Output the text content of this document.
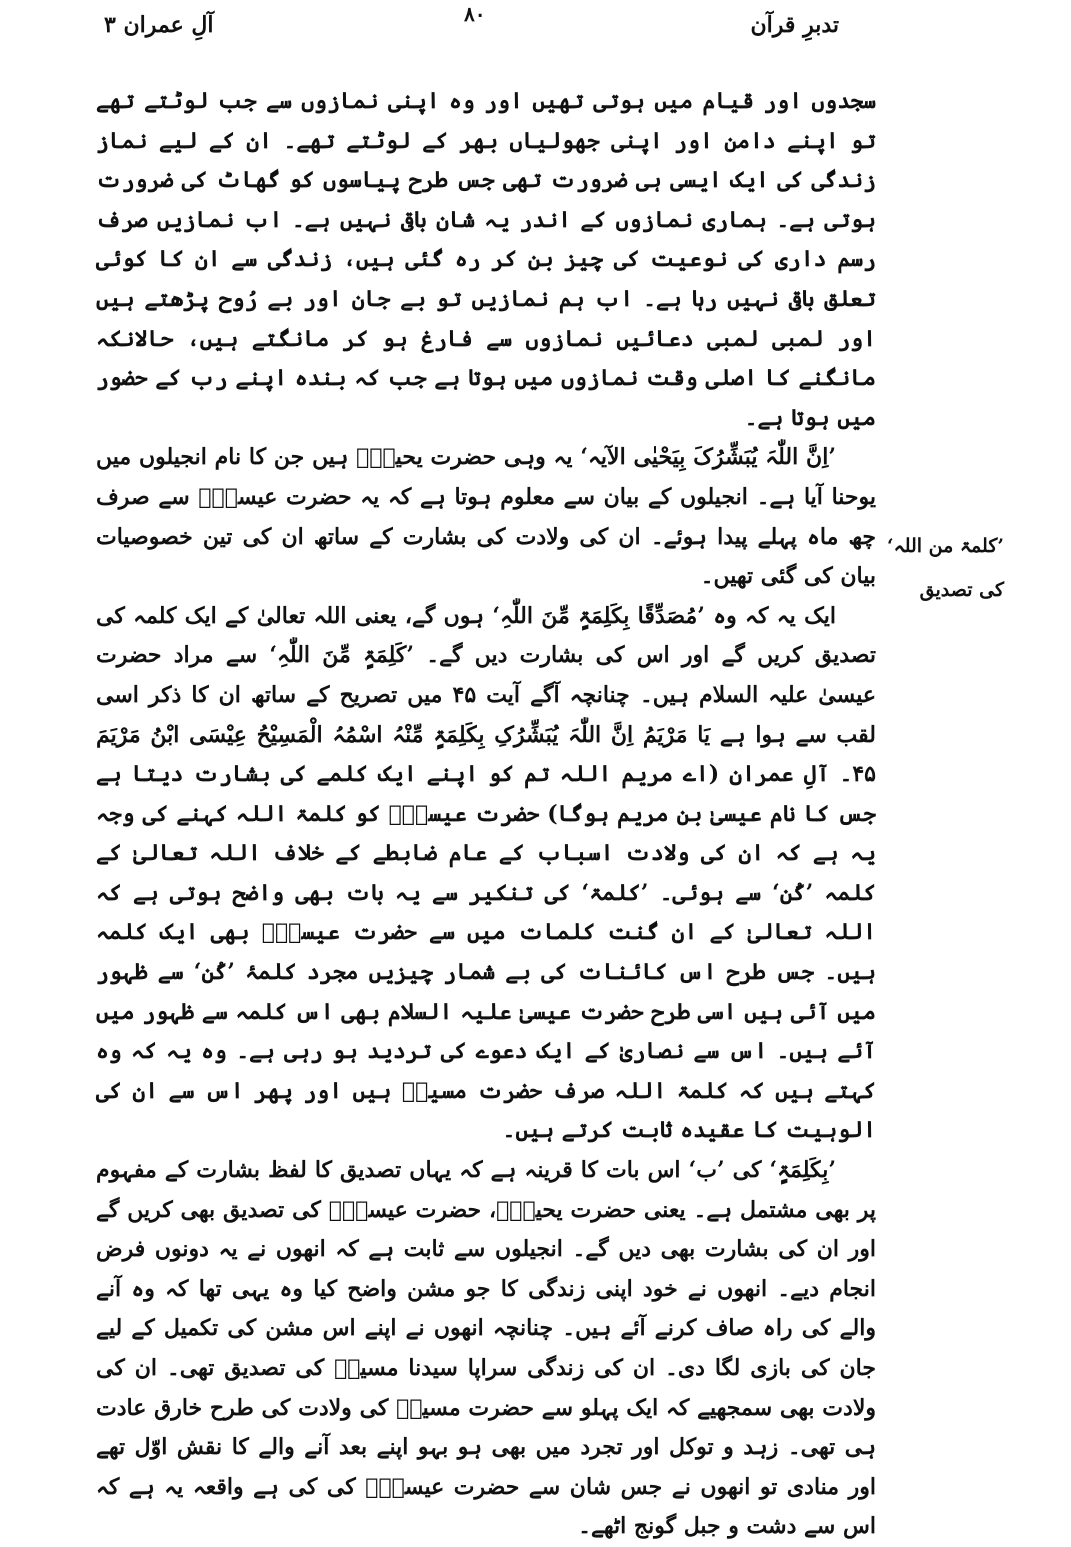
تدبرِ قرآن
۸۰
آلِ عمران ۳

سجدوں اور قیام میں ہوتی تھیں اور وہ اپنی نمازوں سے جب لوٹتے تھے تو اپنے دامن اور اپنی جھولیاں بھر کے لوٹتے تھے۔ ان کے لیے نماز زندگی کی ایک ایسی ہی ضرورت تھی جس طرح پیاسوں کو گھاٹ کی ضرورت ہوتی ہے۔ ہماری نمازوں کے اندر یہ شان باقی نہیں ہے۔ اب نمازیں صرف رسم داری کی نوعیت کی چیز بن کر رہ گئی ہیں، زندگی سے ان کا کوئی تعلق باقی نہیں رہا ہے۔ اب ہم نمازیں تو بے جان اور بے رُوح پڑھتے ہیں اور لمبی لمبی دعائیں نمازوں سے فارغ ہو کر مانگتے ہیں، حالانکہ مانگنے کا اصلی وقت نمازوں میں ہوتا ہے جب کہ بندہ اپنے رب کے حضور میں ہوتا ہے۔

’اِنَّ اللّٰہَ یُبَشِّرُکَ بِیَحْیٰی الآیہ‘ یہ وہی حضرت یحییٰؑ ہیں جن کا نام انجیلوں میں یوحنا آیا ہے۔ انجیلوں کے بیان سے معلوم ہوتا ہے کہ یہ حضرت عیسیٰؑ سے صرف چھ ماہ پہلے پیدا ہوئے۔ ان کی ولادت کی بشارت کے ساتھ ان کی تین خصوصیات بیان کی گئی تھیں۔

ایک یہ کہ وہ ’مُصَدِّقًا بِکَلِمَۃٍ مِّنَ اللّٰہِ‘ ہوں گے، یعنی اللہ تعالیٰ کے ایک کلمہ کی تصدیق کریں گے اور اس کی بشارت دیں گے۔ ’کَلِمَۃٍ مِّنَ اللّٰہِ‘ سے مراد حضرت عیسیٰ علیہ السلام ہیں۔ چنانچہ آگے آیت ۴۵ میں تصریح کے ساتھ ان کا ذکر اسی لقب سے ہوا ہے یَا مَرْیَمُ اِنَّ اللّٰہَ یُبَشِّرُکِ بِکَلِمَۃٍ مِّنْہُ اسْمُہُ الْمَسِیْحُ عِیْسَی ابْنُ مَرْیَمَ ۴۵۔ آلِ عمران (اے مریم اللہ تم کو اپنے ایک کلمے کی بشارت دیتا ہے جس کا نام عیسیٰ بن مریم ہوگا) حضرت عیسیٰؑ کو کلمۃ اللہ کہنے کی وجہ یہ ہے کہ ان کی ولادت اسباب کے عام ضابطے کے خلاف اللہ تعالیٰ کے کلمہ ’کُن‘ سے ہوئی۔ ’کلمۃ‘ کی تنکیر سے یہ بات بھی واضح ہوتی ہے کہ اللہ تعالیٰ کے ان گنت کلمات میں سے حضرت عیسیٰؑ بھی ایک کلمہ ہیں۔ جس طرح اس کائنات کی بے شمار چیزیں مجرد کلمۂ ’کُن‘ سے ظہور میں آئی ہیں اسی طرح حضرت عیسیٰ علیہ السلام بھی اس کلمہ سے ظہور میں آئے ہیں۔ اس سے نصاریٰ کے ایک دعوے کی تردید ہو رہی ہے۔ وہ یہ کہ وہ کہتے ہیں کہ کلمۃ اللہ صرف حضرت مسیحؑ ہیں اور پھر اس سے ان کی الوہیت کا عقیدہ ثابت کرتے ہیں۔

’بِکَلِمَۃٍ‘ کی ’ب‘ اس بات کا قرینہ ہے کہ یہاں تصدیق کا لفظ بشارت کے مفہوم پر بھی مشتمل ہے۔ یعنی حضرت یحییٰؑ، حضرت عیسیٰؑ کی تصدیق بھی کریں گے اور ان کی بشارت بھی دیں گے۔ انجیلوں سے ثابت ہے کہ انھوں نے یہ دونوں فرض انجام دیے۔ انھوں نے خود اپنی زندگی کا جو مشن واضح کیا وہ یہی تھا کہ وہ آنے والے کی راہ صاف کرنے آئے ہیں۔ چنانچہ انھوں نے اپنے اس مشن کی تکمیل کے لیے جان کی بازی لگا دی۔ ان کی زندگی سراپا سیدنا مسیحؑ کی تصدیق تھی۔ ان کی ولادت بھی سمجھیے کہ ایک پہلو سے حضرت مسیحؑ کی ولادت کی طرح خارق عادت ہی تھی۔ زہد و توکل اور تجرد میں بھی ہو بہو اپنے بعد آنے والے کا نقش اوّل تھے اور منادی تو انھوں نے جس شان سے حضرت عیسیٰؑ کی کی ہے واقعہ یہ ہے کہ اس سے دشت و جبل گونج اٹھے۔

’کلمۃ من اللہ‘
کی تصدیق
